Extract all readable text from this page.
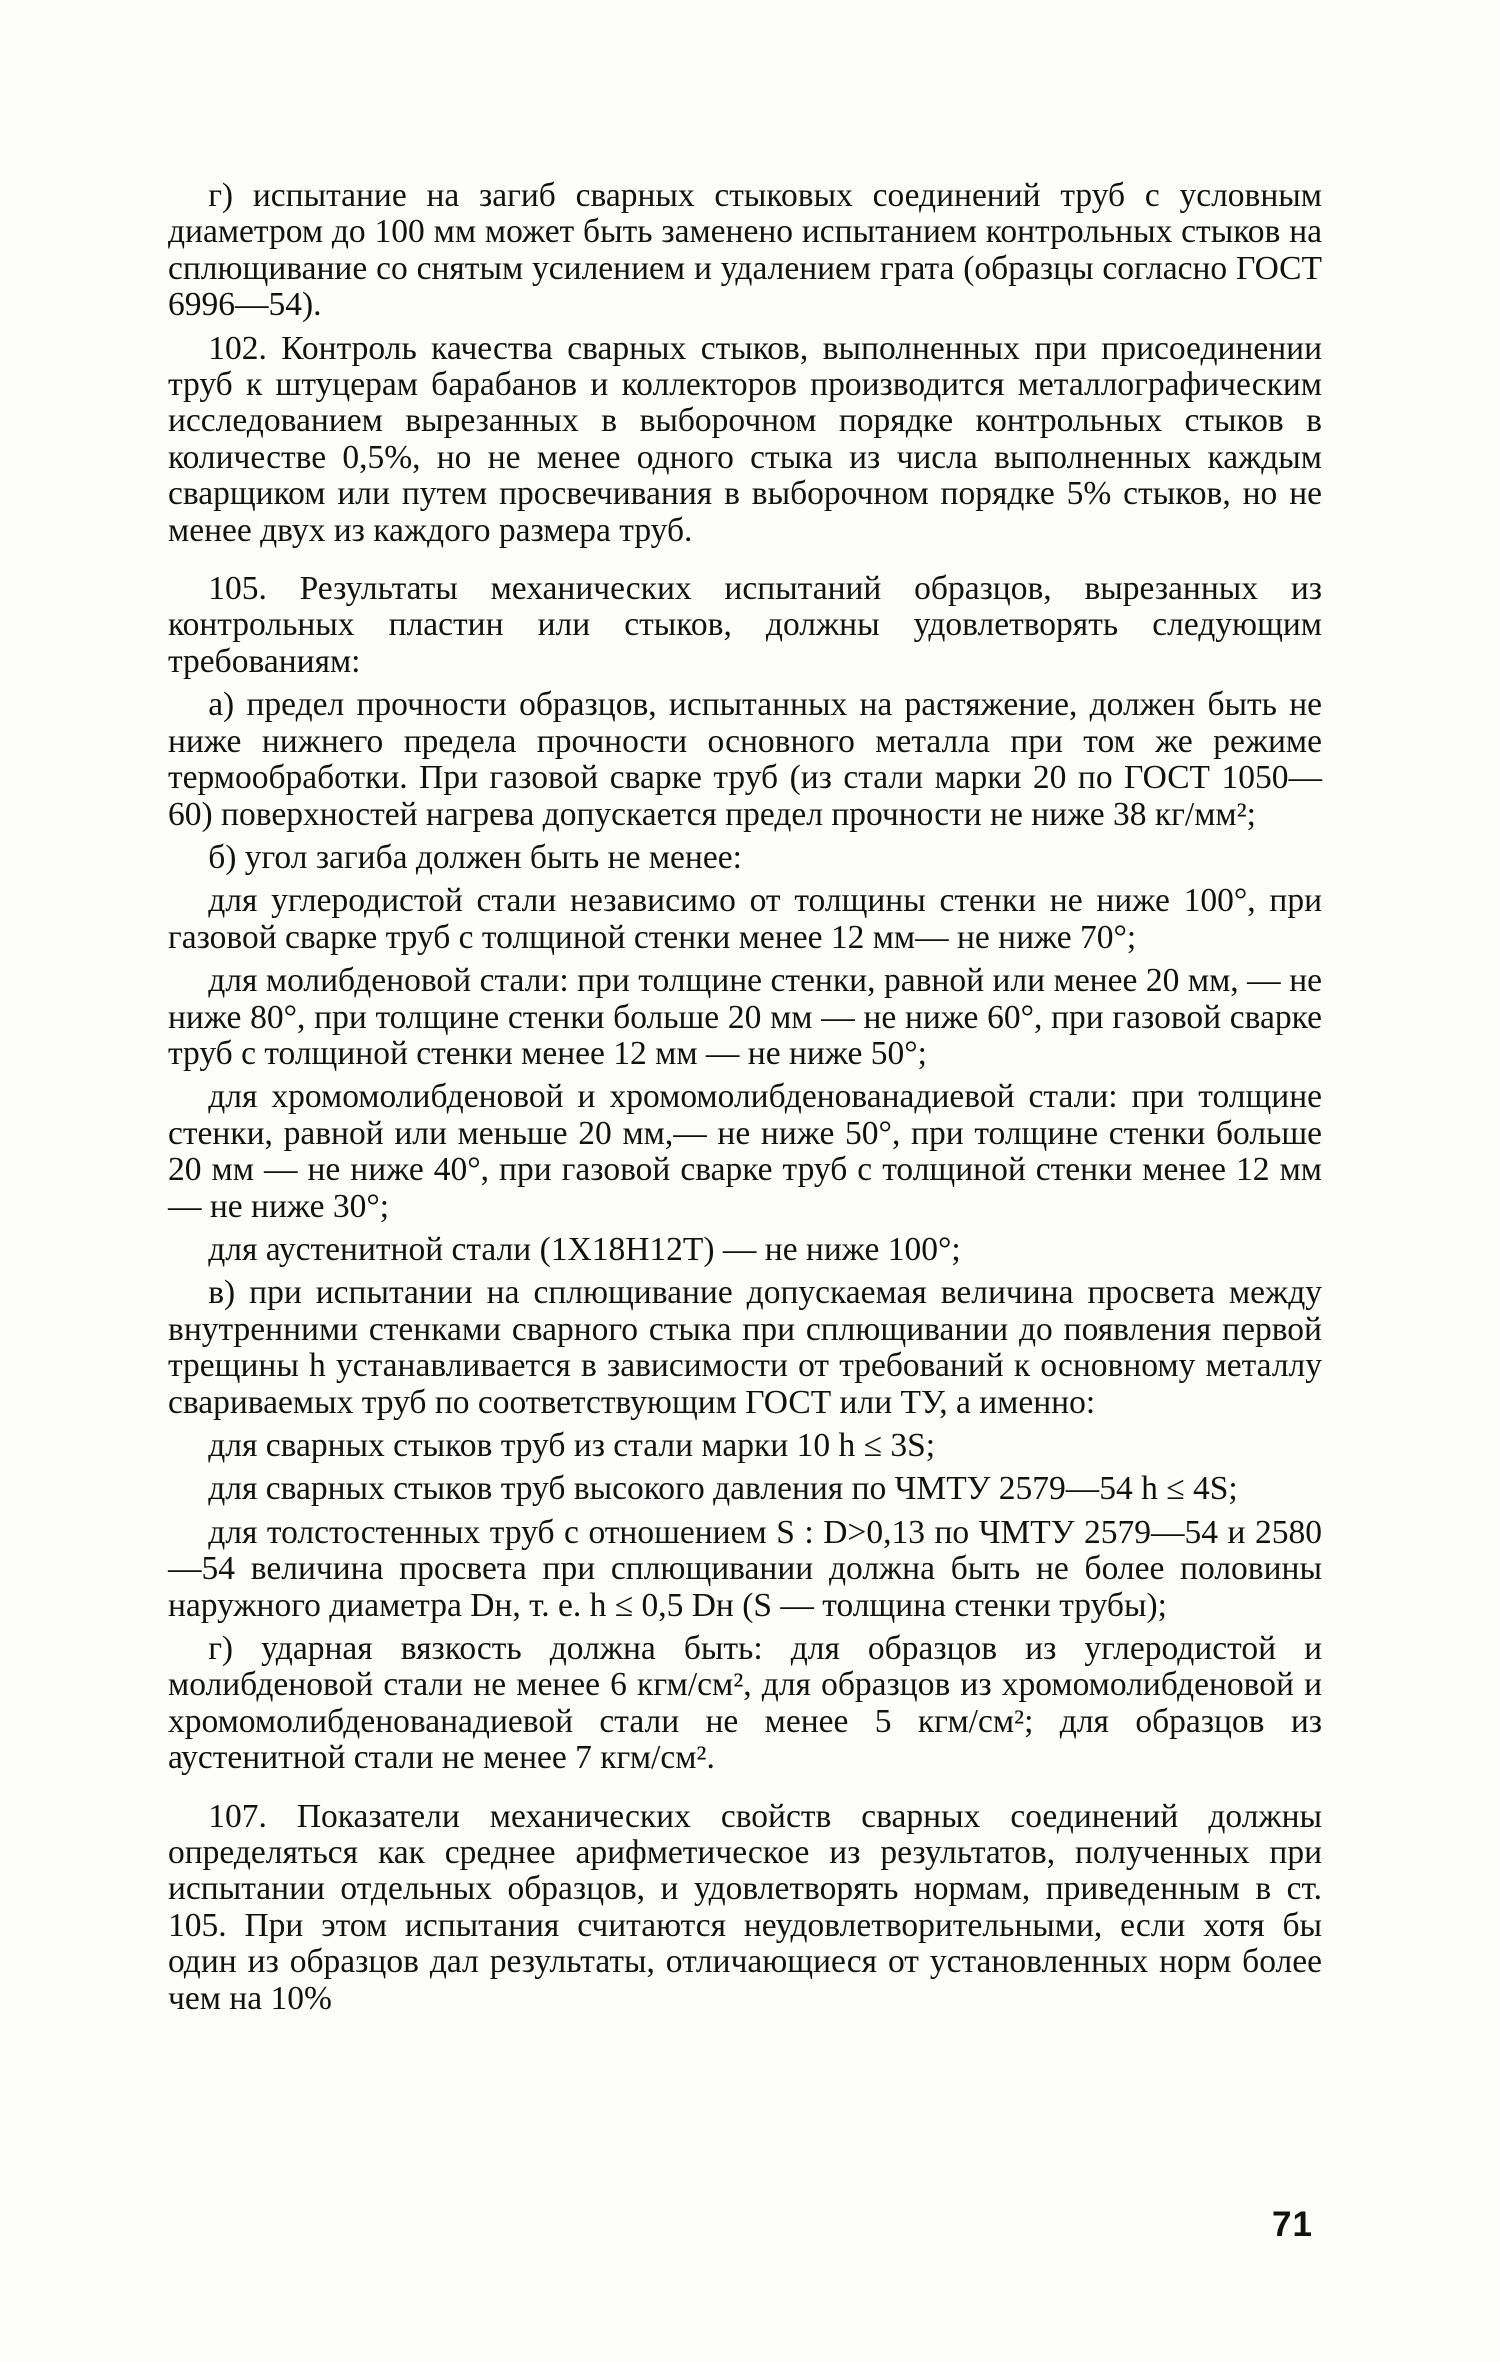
г) испытание на загиб сварных стыковых соединений труб с условным диаметром до 100 мм может быть заменено испытанием контрольных стыков на сплющивание со снятым усилением и удалением грата (образцы согласно ГОСТ 6996—54).

102. Контроль качества сварных стыков, выполненных при присоединении труб к штуцерам барабанов и коллекторов производится металлографическим исследованием вырезанных в выборочном порядке контрольных стыков в количестве 0,5%, но не менее одного стыка из числа выполненных каждым сварщиком или путем просвечивания в выборочном порядке 5% стыков, но не менее двух из каждого размера труб.

105. Результаты механических испытаний образцов, вырезанных из контрольных пластин или стыков, должны удовлетворять следующим требованиям:

а) предел прочности образцов, испытанных на растяжение, должен быть не ниже нижнего предела прочности основного металла при том же режиме термообработки. При газовой сварке труб (из стали марки 20 по ГОСТ 1050—60) поверхностей нагрева допускается предел прочности не ниже 38 кг/мм²;

б) угол загиба должен быть не менее:

для углеродистой стали независимо от толщины стенки не ниже 100°, при газовой сварке труб с толщиной стенки менее 12 мм— не ниже 70°;

для молибденовой стали: при толщине стенки, равной или менее 20 мм, — не ниже 80°, при толщине стенки больше 20 мм — не ниже 60°, при газовой сварке труб с толщиной стенки менее 12 мм — не ниже 50°;

для хромомолибденовой и хромомолибденованадиевой стали: при толщине стенки, равной или меньше 20 мм,— не ниже 50°, при толщине стенки больше 20 мм — не ниже 40°, при газовой сварке труб с толщиной стенки менее 12 мм — не ниже 30°;

для аустенитной стали (1Х18Н12Т) — не ниже 100°;

в) при испытании на сплющивание допускаемая величина просвета между внутренними стенками сварного стыка при сплющивании до появления первой трещины h устанавливается в зависимости от требований к основному металлу свариваемых труб по соответствующим ГОСТ или ТУ, а именно:

для сварных стыков труб из стали марки 10 h ≤ 3S;

для сварных стыков труб высокого давления по ЧМТУ 2579—54 h ≤ 4S;

для толстостенных труб с отношением S : D>0,13 по ЧМТУ 2579—54 и 2580—54 величина просвета при сплющивании должна быть не более половины наружного диаметра Dн, т. е. h ≤ 0,5 Dн (S — толщина стенки трубы);

г) ударная вязкость должна быть: для образцов из углеродистой и молибденовой стали не менее 6 кгм/см², для образцов из хромомолибденовой и хромомолибденованадиевой стали не менее 5 кгм/см²; для образцов из аустенитной стали не менее 7 кгм/см².

107. Показатели механических свойств сварных соединений должны определяться как среднее арифметическое из результатов, полученных при испытании отдельных образцов, и удовлетворять нормам, приведенным в ст. 105. При этом испытания считаются неудовлетворительными, если хотя бы один из образцов дал результаты, отличающиеся от установленных норм более чем на 10%

71
